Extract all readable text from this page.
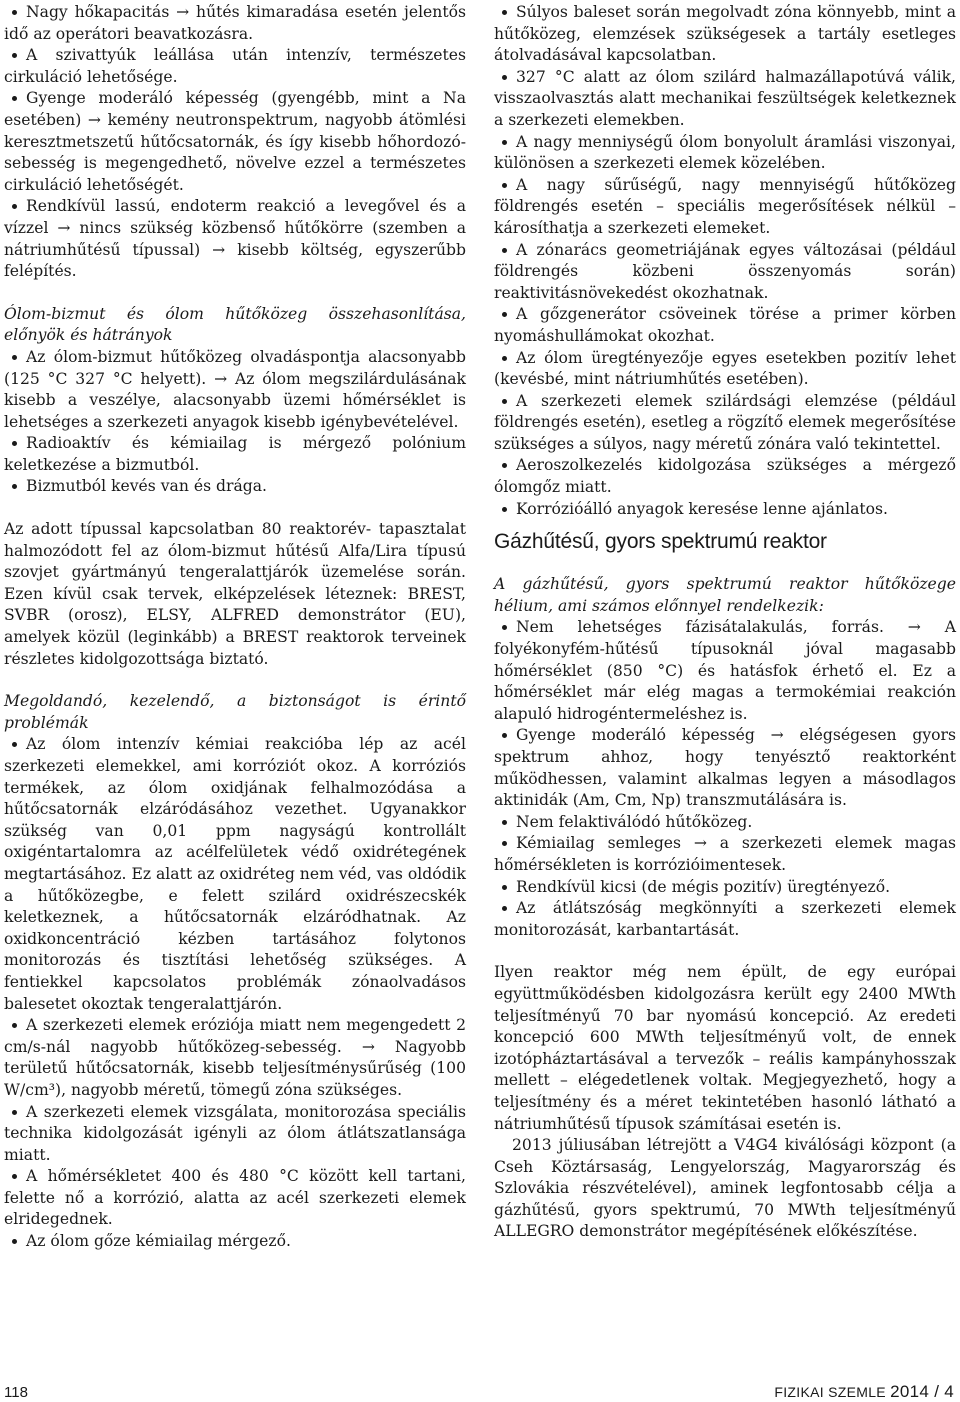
Nagy hőkapacitás → hűtés kimaradása esetén jelentős idő az operátori beavatkozásra.

A szivattyúk leállása után intenzív, természetes cirkuláció lehetősége.

Gyenge moderáló képesség (gyengébb, mint a Na esetében) → kemény neutronspektrum, nagyobb átömlési keresztmetszetű hűtőcsatornák, és így kisebb hőhordozó-sebesség is megengedhető, növelve ezzel a természetes cirkuláció lehetőségét.

Rendkívül lassú, endoterm reakció a levegővel és a vízzel → nincs szükség közbenső hűtőkörre (szemben a nátriumhűtésű típussal) → kisebb költség, egyszerűbb felépítés.

Ólom-bizmut és ólom hűtőközeg összehasonlítása, előnyök és hátrányok

Az ólom-bizmut hűtőközeg olvadáspontja alacsonyabb (125 °C 327 °C helyett). → Az ólom megszilárdulásának kisebb a veszélye, alacsonyabb üzemi hőmérséklet is lehetséges a szerkezeti anyagok kisebb igénybevételével.

Radioaktív és kémiailag is mérgező polónium keletkezése a bizmutból.

Bizmutból kevés van és drága.

Az adott típussal kapcsolatban 80 reaktorév- tapasztalat halmozódott fel az ólom-bizmut hűtésű Alfa/Lira típusú szovjet gyártmányú tengeralattjárók üzemelése során. Ezen kívül csak tervek, elképzelések léteznek: BREST, SVBR (orosz), ELSY, ALFRED demonstrátor (EU), amelyek közül (leginkább) a BREST reaktorok terveinek részletes kidolgozottsága biztató.

Megoldandó, kezelendő, a biztonságot is érintő problémák

Az ólom intenzív kémiai reakcióba lép az acél szerkezeti elemekkel, ami korróziót okoz. A korróziós termékek, az ólom oxidjának felhalmozódása a hűtőcsatornák elzáródásához vezethet. Ugyanakkor szükség van 0,01 ppm nagyságú kontrollált oxigéntartalomra az acélfelületek védő oxidrétegének megtartásához. Ez alatt az oxidréteg nem véd, vas oldódik a hűtőközegbe, e felett szilárd oxidrészecskék keletkeznek, a hűtőcsatornák elzáródhatnak. Az oxidkoncentráció kézben tartásához folytonos monitorozás és tisztítási lehetőség szükséges. A fentiekkel kapcsolatos problémák zónaolvadásos balesetet okoztak tengeralattjárón.

A szerkezeti elemek eróziója miatt nem megengedett 2 cm/s-nál nagyobb hűtőközeg-sebesség. → Nagyobb területű hűtőcsatornák, kisebb teljesítménysűrűség (100 W/cm³), nagyobb méretű, tömegű zóna szükséges.

A szerkezeti elemek vizsgálata, monitorozása speciális technika kidolgozását igényli az ólom átlátszatlansága miatt.

A hőmérsékletet 400 és 480 °C között kell tartani, felette nő a korrózió, alatta az acél szerkezeti elemek elridegednek.

Az ólom gőze kémiailag mérgező.

Súlyos baleset során megolvadt zóna könnyebb, mint a hűtőközeg, elemzések szükségesek a tartály esetleges átolvadásával kapcsolatban.

327 °C alatt az ólom szilárd halmazállapotúvá válik, visszaolvasztás alatt mechanikai feszültségek keletkeznek a szerkezeti elemekben.

A nagy menniységű ólom bonyolult áramlási viszonyai, különösen a szerkezeti elemek közelében.

A nagy sűrűségű, nagy mennyiségű hűtőközeg földrengés esetén – speciális megerősítések nélkül – károsíthatja a szerkezeti elemeket.

A zónarács geometriájának egyes változásai (például földrengés közbeni összenyomás során) reaktivitásnövekedést okozhatnak.

A gőzgenerátor csöveinek törése a primer körben nyomáshullámokat okozhat.

Az ólom üregtényezője egyes esetekben pozitív lehet (kevésbé, mint nátriumhűtés esetében).

A szerkezeti elemek szilárdsági elemzése (például földrengés esetén), esetleg a rögzítő elemek megerősítése szükséges a súlyos, nagy méretű zónára való tekintettel.

Aeroszolkezelés kidolgozása szükséges a mérgező ólomgőz miatt.

Korrózióálló anyagok keresése lenne ajánlatos.

Gázhűtésű, gyors spektrumú reaktor

A gázhűtésű, gyors spektrumú reaktor hűtőközege hélium, ami számos előnnyel rendelkezik:

Nem lehetséges fázisátalakulás, forrás. → A folyékonyfém-hűtésű típusoknál jóval magasabb hőmérséklet (850 °C) és hatásfok érhető el. Ez a hőmérséklet már elég magas a termokémiai reakción alapuló hidrogéntermeléshez is.

Gyenge moderáló képesség → elégségesen gyors spektrum ahhoz, hogy tenyésztő reaktorként működhessen, valamint alkalmas legyen a másodlagos aktinidák (Am, Cm, Np) transzmutálására is.

Nem felaktiválódó hűtőközeg.

Kémiailag semleges → a szerkezeti elemek magas hőmérsékleten is korrózióimentesek.

Rendkívül kicsi (de mégis pozitív) üregtényező.

Az átlátszóság megkönnyíti a szerkezeti elemek monitorozását, karbantartását.

Ilyen reaktor még nem épült, de egy európai együttműködésben kidolgozásra került egy 2400 MWth teljesítményű 70 bar nyomású koncepció. Az eredeti koncepció 600 MWth teljesítményű volt, de ennek izotópháztartásával a tervezők – reális kampányhosszak mellett – elégedetlenek voltak. Megjegyezhető, hogy a teljesítmény és a méret tekintetében hasonló látható a nátriumhűtésű típusok számításai esetén is.

2013 júliusában létrejött a V4G4 kiválósági központ (a Cseh Köztársaság, Lengyelország, Magyarország és Szlovákia részvételével), aminek legfontosabb célja a gázhűtésű, gyors spektrumú, 70 MWth teljesítményű ALLEGRO demonstrátor megépítésének előkészítése.

118	FIZIKAI SZEMLE 2014 / 4
